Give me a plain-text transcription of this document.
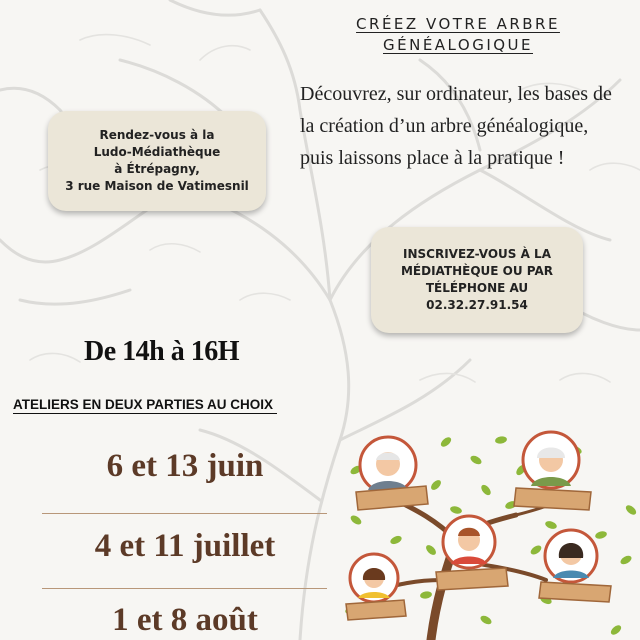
CRÉEZ VOTRE ARBRE
GÉNÉALOGIQUE
Découvrez, sur ordinateur, les bases de la création d’un arbre généalogique, puis laissons place à la pratique !
Rendez-vous à la
Ludo-Médiathèque
à Étrépagny,
3 rue Maison de Vatimesnil
INSCRIVEZ-VOUS À LA
MÉDIATHÈQUE OU PAR
TÉLÉPHONE AU
02.32.27.91.54
De 14h à 16H
ATELIERS EN DEUX PARTIES AU CHOIX
6 et 13 juin
4 et 11 juillet
1 et 8 août
